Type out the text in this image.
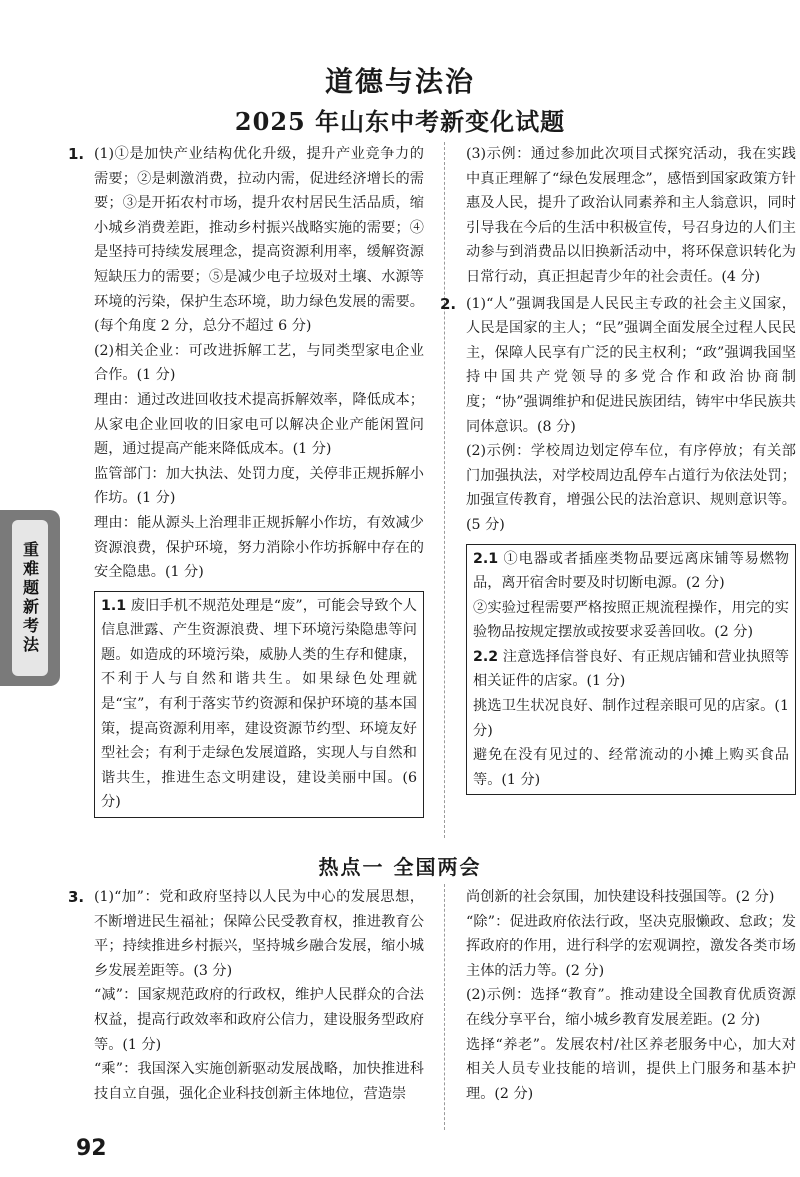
道德与法治
2025 年山东中考新变化试题
重难题新考法
1. (1)①是加快产业结构优化升级，提升产业竞争力的需要；②是刺激消费，拉动内需，促进经济增长的需要；③是开拓农村市场，提升农村居民生活品质，缩小城乡消费差距，推动乡村振兴战略实施的需要；④是坚持可持续发展理念，提高资源利用率，缓解资源短缺压力的需要；⑤是减少电子垃圾对土壤、水源等环境的污染，保护生态环境，助力绿色发展的需要。(每个角度 2 分，总分不超过 6 分)

(2)相关企业：可改进拆解工艺，与同类型家电企业合作。(1 分)

理由：通过改进回收技术提高拆解效率，降低成本；从家电企业回收的旧家电可以解决企业产能闲置问题，通过提高产能来降低成本。(1 分)

监管部门：加大执法、处罚力度，关停非正规拆解小作坊。(1 分)

理由：能从源头上治理非正规拆解小作坊，有效减少资源浪费，保护环境，努力消除小作坊拆解中存在的安全隐患。(1 分)

1.1 废旧手机不规范处理是“废”，可能会导致个人信息泄露、产生资源浪费、埋下环境污染隐患等问题。如造成的环境污染，威胁人类的生存和健康，不利于人与自然和谐共生。如果绿色处理就是“宝”，有利于落实节约资源和保护环境的基本国策，提高资源利用率，建设资源节约型、环境友好型社会；有利于走绿色发展道路，实现人与自然和谐共生，推进生态文明建设，建设美丽中国。(6 分)

(3)示例：通过参加此次项目式探究活动，我在实践中真正理解了“绿色发展理念”，感悟到国家政策方针惠及人民，提升了政治认同素养和主人翁意识，同时引导我在今后的生活中积极宣传，号召身边的人们主动参与到消费品以旧换新活动中，将环保意识转化为日常行动，真正担起青少年的社会责任。(4 分)

2. (1)“人”强调我国是人民民主专政的社会主义国家，人民是国家的主人；“民”强调全面发展全过程人民民主，保障人民享有广泛的民主权利；“政”强调我国坚持中国共产党领导的多党合作和政治协商制度；“协”强调维护和促进民族团结，铸牢中华民族共同体意识。(8 分)

(2)示例：学校周边划定停车位，有序停放；有关部门加强执法，对学校周边乱停车占道行为依法处罚；加强宣传教育，增强公民的法治意识、规则意识等。(5 分)

2.1 ①电器或者插座类物品要远离床铺等易燃物品，离开宿舍时要及时切断电源。(2 分)

②实验过程需要严格按照正规流程操作，用完的实验物品按规定摆放或按要求妥善回收。(2 分)

2.2 注意选择信誉良好、有正规店铺和营业执照等相关证件的店家。(1 分)

挑选卫生状况良好、制作过程亲眼可见的店家。(1 分)

避免在没有见过的、经常流动的小摊上购买食品等。(1 分)

热点一 全国两会
3. (1)“加”：党和政府坚持以人民为中心的发展思想，不断增进民生福祉；保障公民受教育权，推进教育公平；持续推进乡村振兴，坚持城乡融合发展，缩小城乡发展差距等。(3 分)

“减”：国家规范政府的行政权，维护人民群众的合法权益，提高行政效率和政府公信力，建设服务型政府等。(1 分)

“乘”：我国深入实施创新驱动发展战略，加快推进科技自立自强，强化企业科技创新主体地位，营造崇

尚创新的社会氛围，加快建设科技强国等。(2 分)

“除”：促进政府依法行政，坚决克服懒政、怠政；发挥政府的作用，进行科学的宏观调控，激发各类市场主体的活力等。(2 分)

(2)示例：选择“教育”。推动建设全国教育优质资源在线分享平台，缩小城乡教育发展差距。(2 分)

选择“养老”。发展农村/社区养老服务中心，加大对相关人员专业技能的培训，提供上门服务和基本护理。(2 分)

92
